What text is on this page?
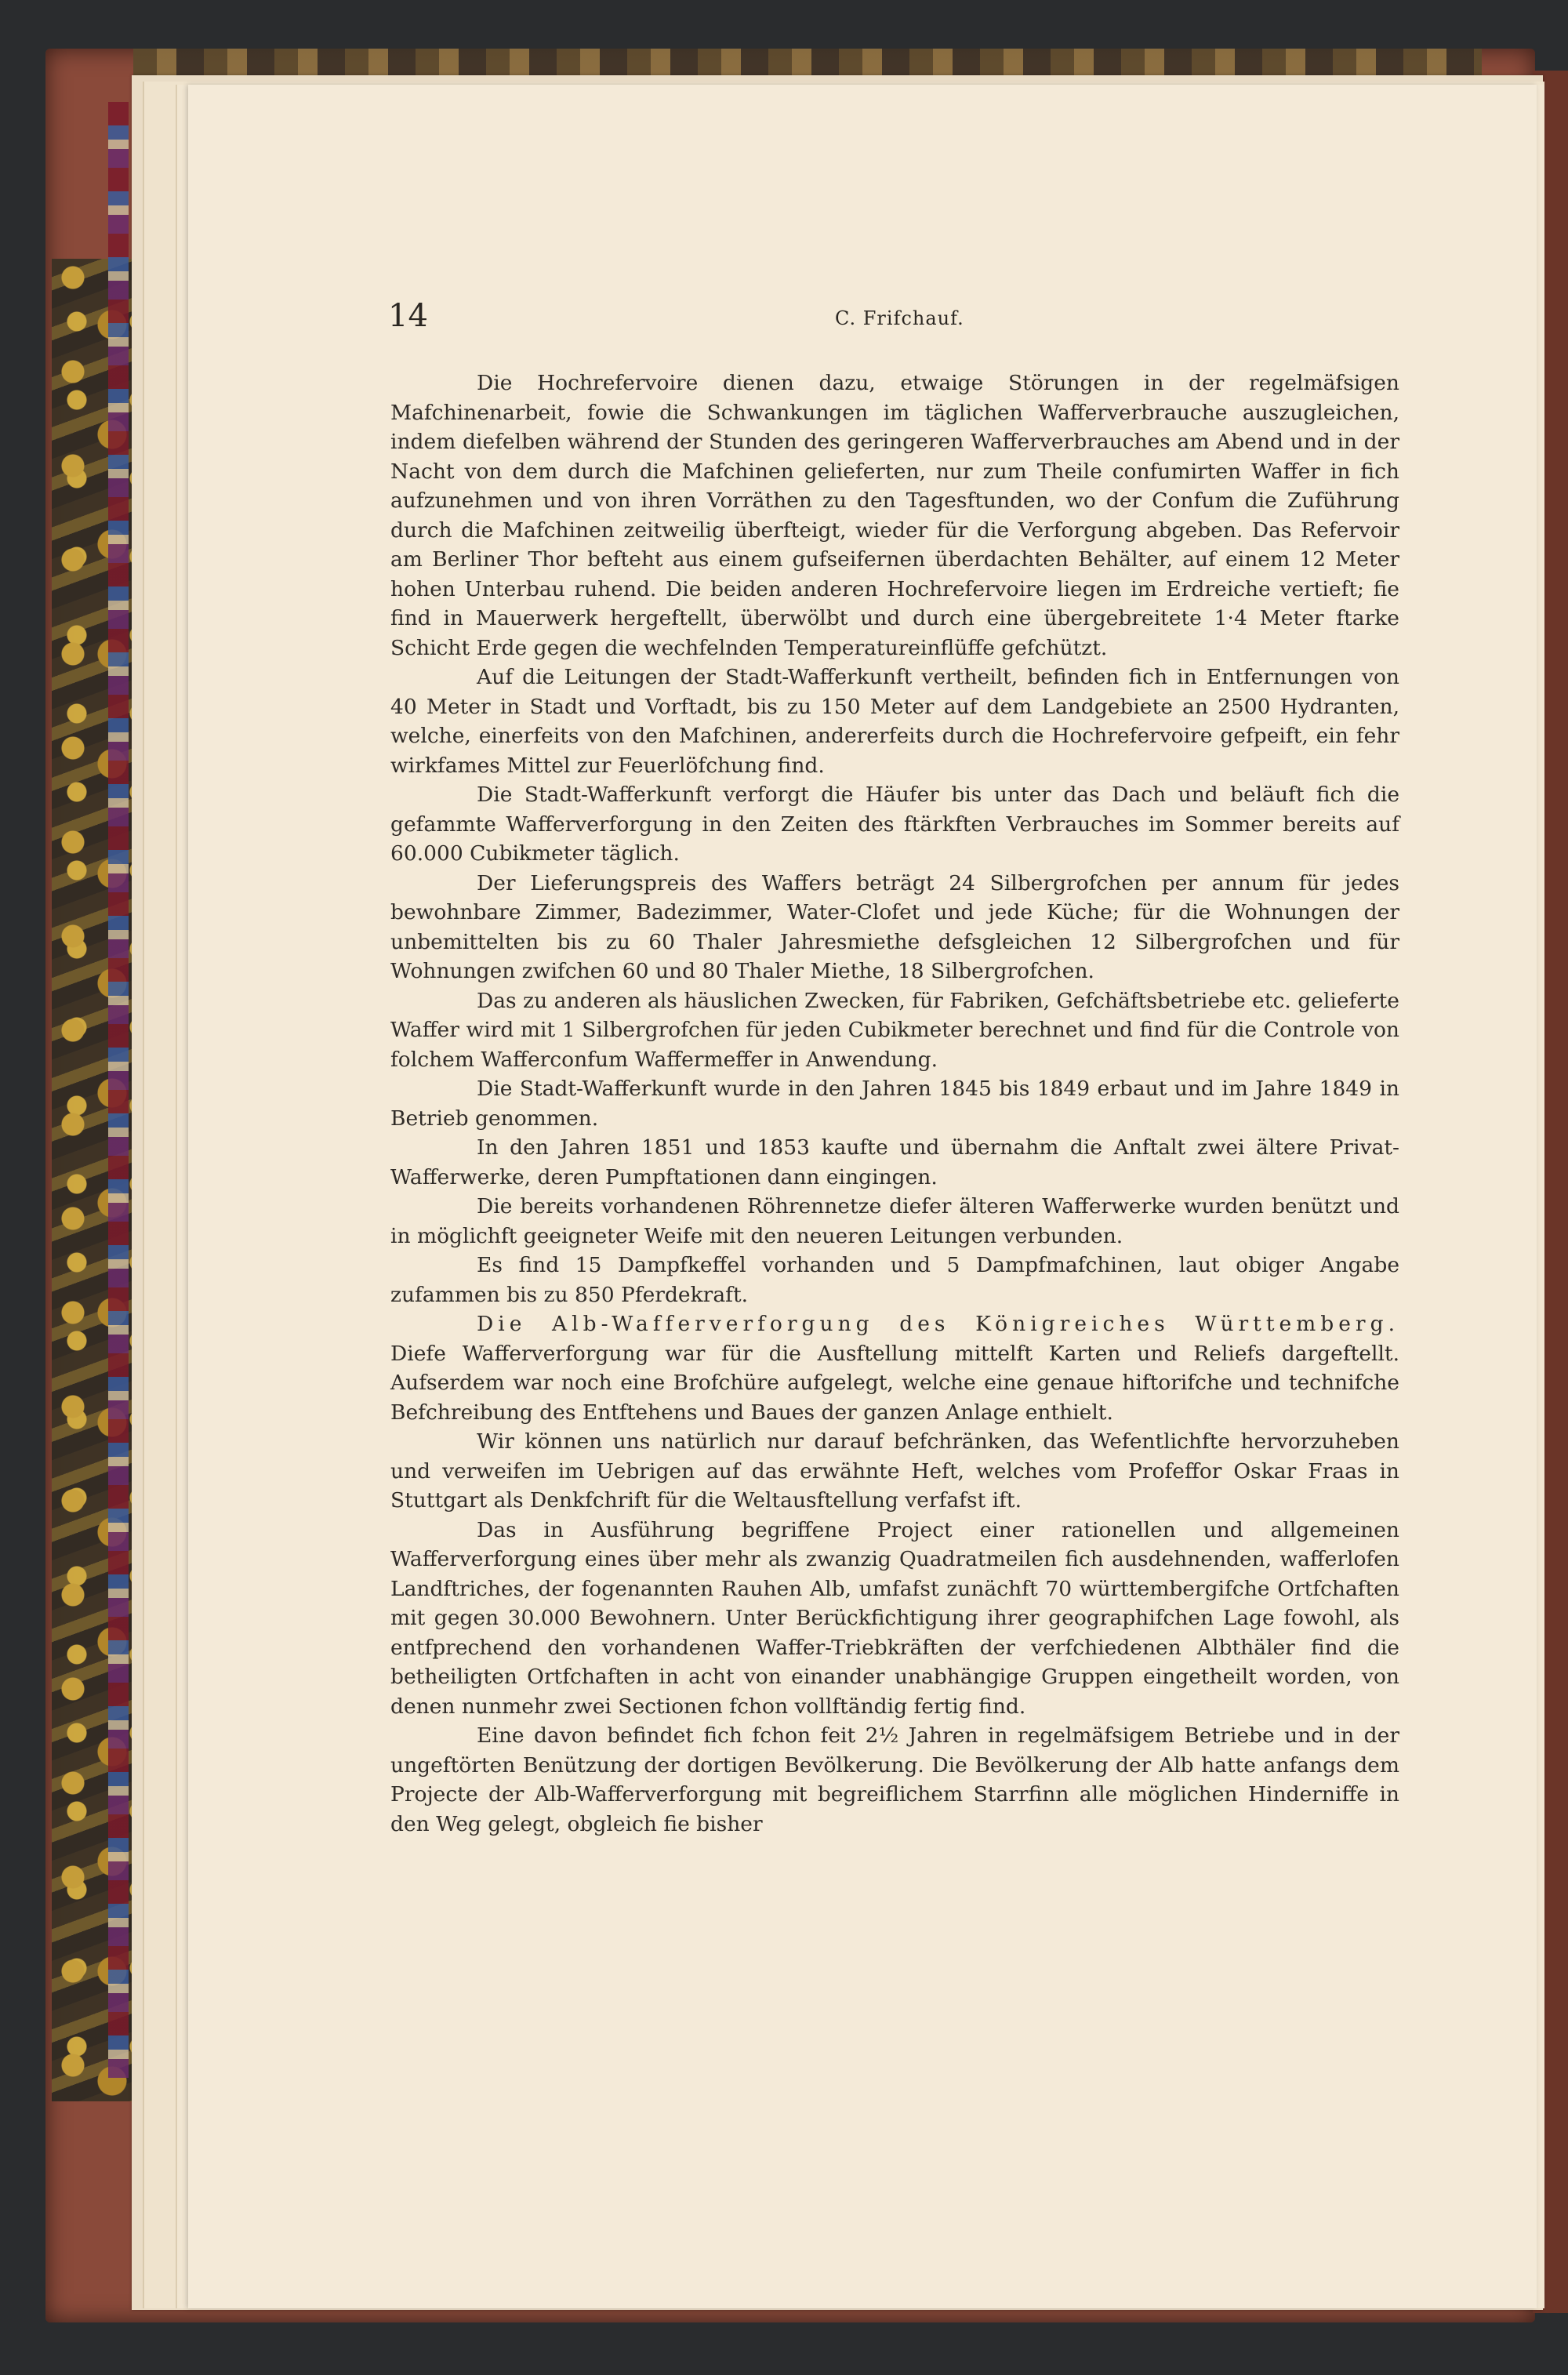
14	C. Frifchauf.

Die Hochrefervoire dienen dazu, etwaige Störungen in der regelmäfsigen Mafchinenarbeit, fowie die Schwankungen im täglichen Wafferverbrauche auszugleichen, indem diefelben während der Stunden des geringeren Wafferverbrauches am Abend und in der Nacht von dem durch die Mafchinen gelieferten, nur zum Theile confumirten Waffer in fich aufzunehmen und von ihren Vorräthen zu den Tagesftunden, wo der Confum die Zuführung durch die Mafchinen zeitweilig überfteigt, wieder für die Verforgung abgeben. Das Refervoir am Berliner Thor befteht aus einem gufseifernen überdachten Behälter, auf einem 12 Meter hohen Unterbau ruhend. Die beiden anderen Hochrefervoire liegen im Erdreiche vertieft; fie find in Mauerwerk hergeftellt, überwölbt und durch eine übergebreitete 1·4 Meter ftarke Schicht Erde gegen die wechfelnden Temperatureinflüffe gefchützt.

Auf die Leitungen der Stadt-Wafferkunft vertheilt, befinden fich in Entfernungen von 40 Meter in Stadt und Vorftadt, bis zu 150 Meter auf dem Landgebiete an 2500 Hydranten, welche, einerfeits von den Mafchinen, andererfeits durch die Hochrefervoire gefpeift, ein fehr wirkfames Mittel zur Feuerlöfchung find.

Die Stadt-Wafferkunft verforgt die Häufer bis unter das Dach und beläuft fich die gefammte Wafferverforgung in den Zeiten des ftärkften Verbrauches im Sommer bereits auf 60.000 Cubikmeter täglich.

Der Lieferungspreis des Waffers beträgt 24 Silbergrofchen per annum für jedes bewohnbare Zimmer, Badezimmer, Water-Clofet und jede Küche; für die Wohnungen der unbemittelten bis zu 60 Thaler Jahresmiethe defsgleichen 12 Silbergrofchen und für Wohnungen zwifchen 60 und 80 Thaler Miethe, 18 Silbergrofchen.

Das zu anderen als häuslichen Zwecken, für Fabriken, Gefchäftsbetriebe etc. gelieferte Waffer wird mit 1 Silbergrofchen für jeden Cubikmeter berechnet und find für die Controle von folchem Wafferconfum Waffermeffer in Anwendung.

Die Stadt-Wafferkunft wurde in den Jahren 1845 bis 1849 erbaut und im Jahre 1849 in Betrieb genommen.

In den Jahren 1851 und 1853 kaufte und übernahm die Anftalt zwei ältere Privat-Wafferwerke, deren Pumpftationen dann eingingen.

Die bereits vorhandenen Röhrennetze diefer älteren Wafferwerke wurden benützt und in möglichft geeigneter Weife mit den neueren Leitungen verbunden.

Es find 15 Dampfkeffel vorhanden und 5 Dampfmafchinen, laut obiger Angabe zufammen bis zu 850 Pferdekraft.

Die Alb-Wafferverforgung des Königreiches Württemberg. Diefe Wafferverforgung war für die Ausftellung mittelft Karten und Reliefs dargeftellt. Aufserdem war noch eine Brofchüre aufgelegt, welche eine genaue hiftorifche und technifche Befchreibung des Entftehens und Baues der ganzen Anlage enthielt.

Wir können uns natürlich nur darauf befchränken, das Wefentlichfte hervorzuheben und verweifen im Uebrigen auf das erwähnte Heft, welches vom Profeffor Oskar Fraas in Stuttgart als Denkfchrift für die Weltausftellung verfafst ift.

Das in Ausführung begriffene Project einer rationellen und allgemeinen Wafferverforgung eines über mehr als zwanzig Quadratmeilen fich ausdehnenden, wafferlofen Landftriches, der fogenannten Rauhen Alb, umfafst zunächft 70 württembergifche Ortfchaften mit gegen 30.000 Bewohnern. Unter Berückfichtigung ihrer geographifchen Lage fowohl, als entfprechend den vorhandenen Waffer-Triebkräften der verfchiedenen Albthäler find die betheiligten Ortfchaften in acht von einander unabhängige Gruppen eingetheilt worden, von denen nunmehr zwei Sectionen fchon vollftändig fertig find.

Eine davon befindet fich fchon feit 2½ Jahren in regelmäfsigem Betriebe und in der ungeftörten Benützung der dortigen Bevölkerung. Die Bevölkerung der Alb hatte anfangs dem Projecte der Alb-Wafferverforgung mit begreiflichem Starrfinn alle möglichen Hinderniffe in den Weg gelegt, obgleich fie bisher
